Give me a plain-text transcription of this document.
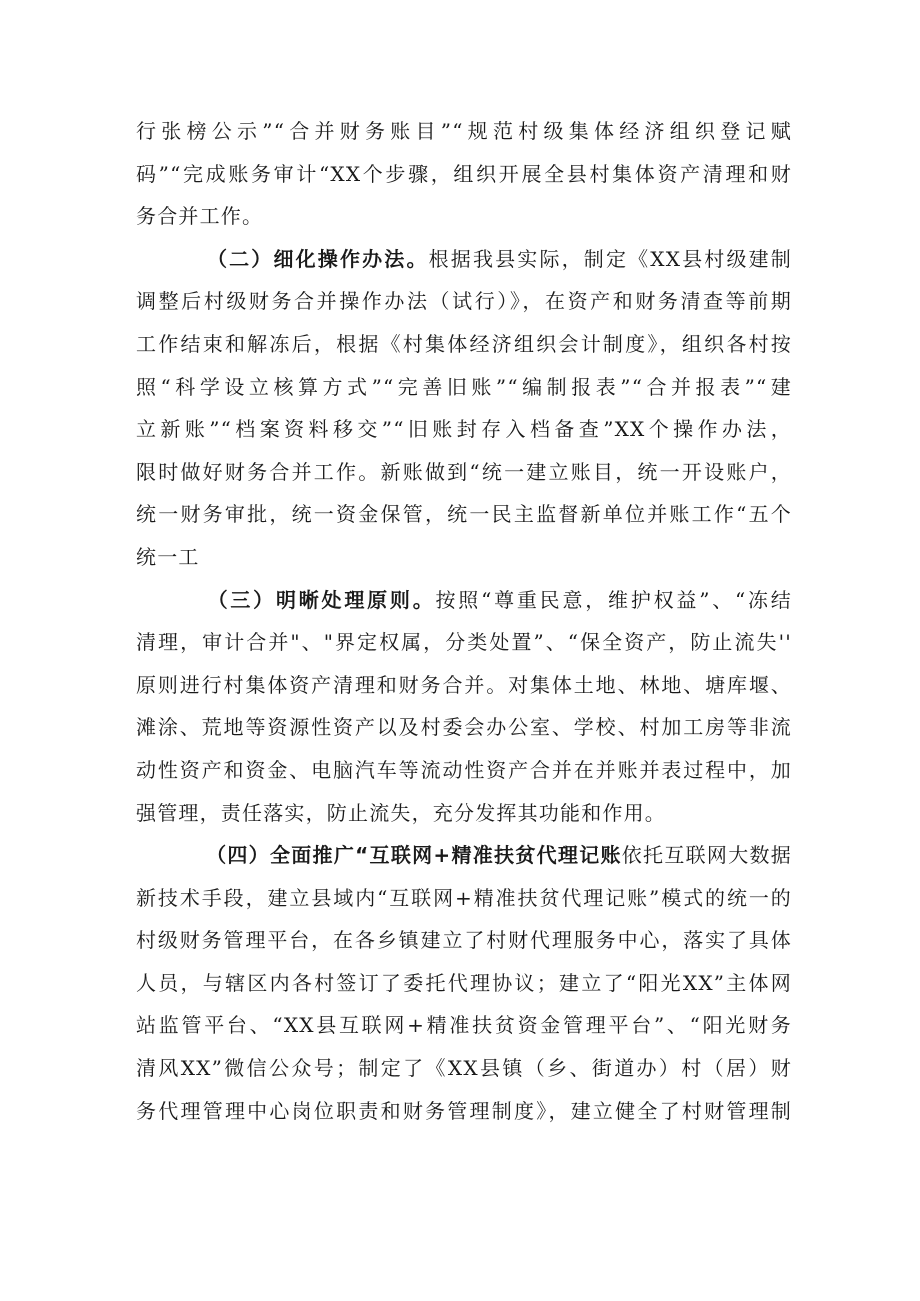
行张榜公示”“合并财务账目”“规范村级集体经济组织登记赋
码”“完成账务审计“XX个步骤，组织开展全县村集体资产清理和财
务合并工作。
（二）细化操作办法。根据我县实际，制定《XX县村级建制
调整后村级财务合并操作办法（试行）》，在资产和财务清查等前期
工作结束和解冻后，根据《村集体经济组织会计制度》，组织各村按
照“科学设立核算方式”“完善旧账”“编制报表”“合并报表”“建
立新账”“档案资料移交”“旧账封存入档备查”XX个操作办法，
限时做好财务合并工作。新账做到“统一建立账目，统一开设账户，
统一财务审批，统一资金保管，统一民主监督新单位并账工作“五个
统一工
（三）明晰处理原则。按照“尊重民意，维护权益”、“冻结
清理，审计合并"、"界定权属，分类处置”、“保全资产，防止流失''
原则进行村集体资产清理和财务合并。对集体土地、林地、塘库堰、
滩涂、荒地等资源性资产以及村委会办公室、学校、村加工房等非流
动性资产和资金、电脑汽车等流动性资产合并在并账并表过程中，加
强管理，责任落实，防止流失，充分发挥其功能和作用。
（四）全面推广“互联网+精准扶贫代理记账依托互联网大数据
新技术手段，建立县域内“互联网+精准扶贫代理记账”模式的统一的
村级财务管理平台，在各乡镇建立了村财代理服务中心，落实了具体
人员，与辖区内各村签订了委托代理协议；建立了“阳光XX”主体网
站监管平台、“XX县互联网+精准扶贫资金管理平台”、“阳光财务
清风XX”微信公众号；制定了《XX县镇（乡、街道办）村（居）财
务代理管理中心岗位职责和财务管理制度》，建立健全了村财管理制
